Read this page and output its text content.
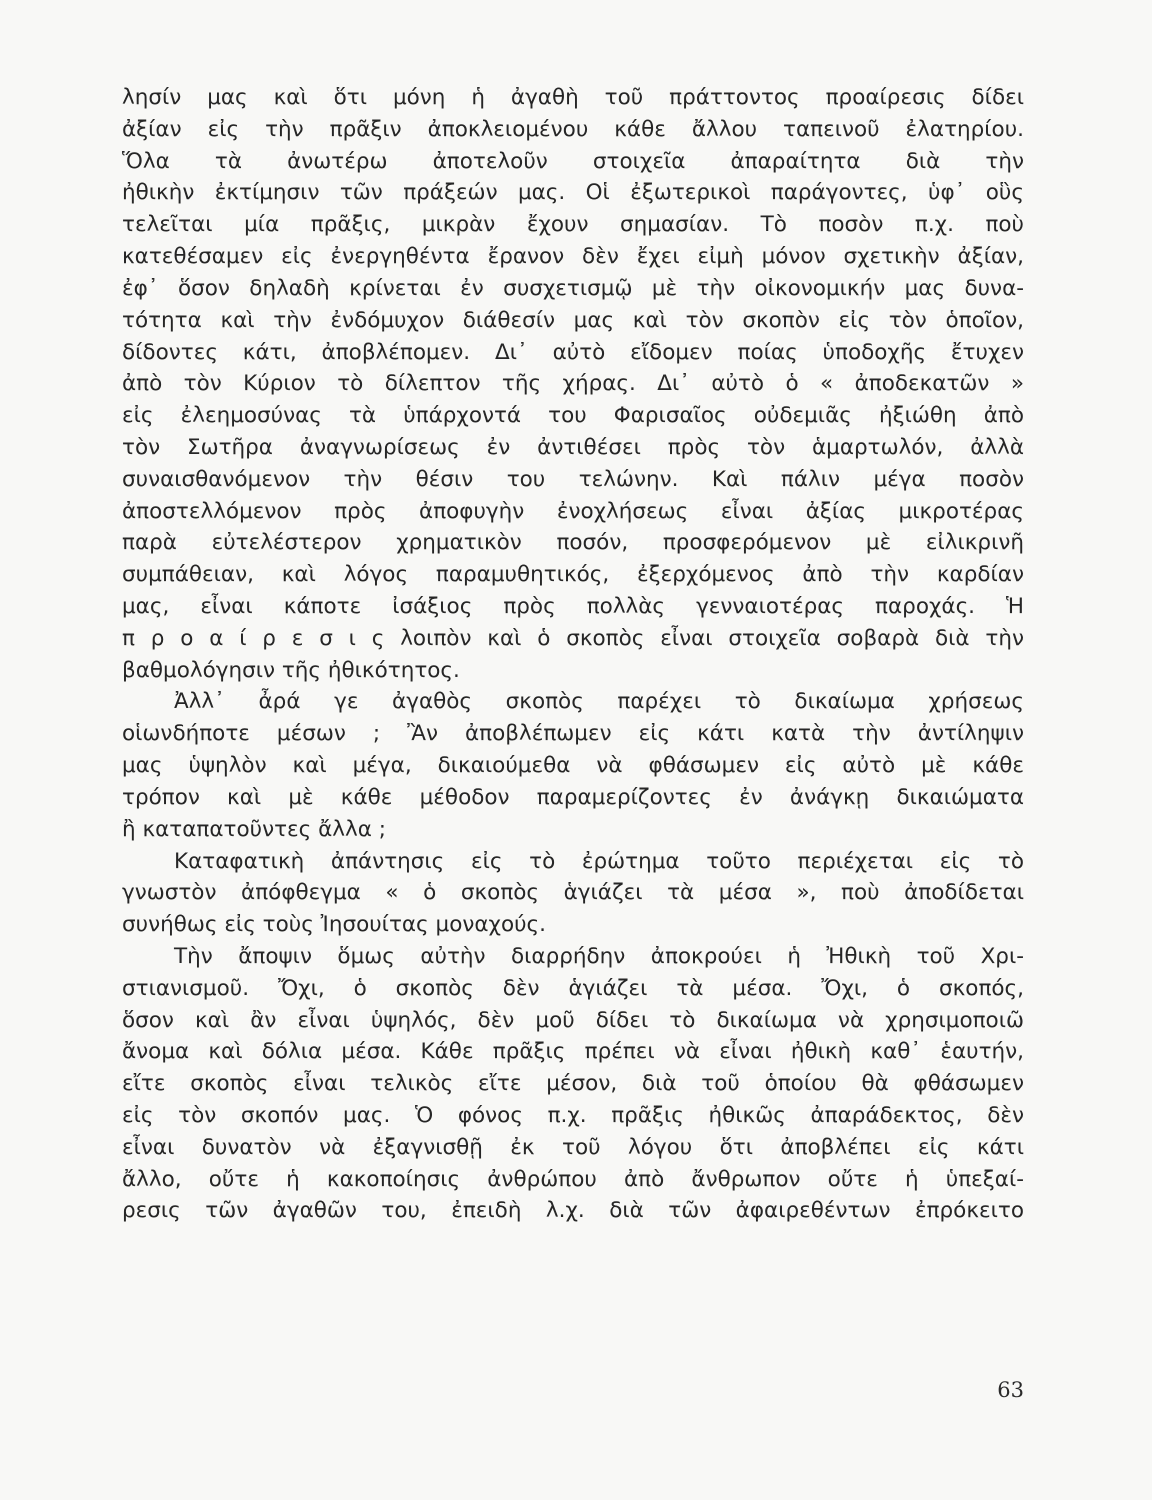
λησίν μας καὶ ὅτι μόνη ἡ ἀγαθὴ τοῦ πράττοντος προαίρεσις δίδει
ἀξίαν εἰς τὴν πρᾶξιν ἀποκλειομένου κάθε ἄλλου ταπεινοῦ ἐλατηρίου.
Ὅλα τὰ ἀνωτέρω ἀποτελοῦν στοιχεῖα ἀπαραίτητα διὰ τὴν
ἠθικὴν ἐκτίμησιν τῶν πράξεών μας. Οἱ ἐξωτερικοὶ παράγοντες, ὑφ᾽ οὓς
τελεῖται μία πρᾶξις, μικρὰν ἔχουν σημασίαν. Τὸ ποσὸν π.χ. ποὺ
κατεθέσαμεν εἰς ἐνεργηθέντα ἔρανον δὲν ἔχει εἰμὴ μόνον σχετικὴν ἀξίαν,
ἐφ᾽ ὅσον δηλαδὴ κρίνεται ἐν συσχετισμῷ μὲ τὴν οἰκονομικήν μας δυνα-
τότητα καὶ τὴν ἐνδόμυχον διάθεσίν μας καὶ τὸν σκοπὸν εἰς τὸν ὁποῖον,
δίδοντες κάτι, ἀποβλέπομεν. Δι᾽ αὐτὸ εἴδομεν ποίας ὑποδοχῆς ἔτυχεν
ἀπὸ τὸν Κύριον τὸ δίλεπτον τῆς χήρας. Δι᾽ αὐτὸ ὁ « ἀποδεκατῶν »
εἰς ἐλεημοσύνας τὰ ὑπάρχοντά του Φαρισαῖος οὐδεμιᾶς ἠξιώθη ἀπὸ
τὸν Σωτῆρα ἀναγνωρίσεως ἐν ἀντιθέσει πρὸς τὸν ἁμαρτωλόν, ἀλλὰ
συναισθανόμενον τὴν θέσιν του τελώνην. Καὶ πάλιν μέγα ποσὸν
ἀποστελλόμενον πρὸς ἀποφυγὴν ἐνοχλήσεως εἶναι ἀξίας μικροτέρας
παρὰ εὐτελέστερον χρηματικὸν ποσόν, προσφερόμενον μὲ εἰλικρινῆ
συμπάθειαν, καὶ λόγος παραμυθητικός, ἐξερχόμενος ἀπὸ τὴν καρδίαν
μας, εἶναι κάποτε ἰσάξιος πρὸς πολλὰς γενναιοτέρας παροχάς. Ἡ
π ρ ο α ί ρ ε σ ι ς λοιπὸν καὶ ὁ σκοπὸς εἶναι στοιχεῖα σοβαρὰ διὰ τὴν
βαθμολόγησιν τῆς ἠθικότητος.
Ἀλλ᾽ ἆρά γε ἀγαθὸς σκοπὸς παρέχει τὸ δικαίωμα χρήσεως
οἱωνδήποτε μέσων ; Ἂν ἀποβλέπωμεν εἰς κάτι κατὰ τὴν ἀντίληψιν
μας ὑψηλὸν καὶ μέγα, δικαιούμεθα νὰ φθάσωμεν εἰς αὐτὸ μὲ κάθε
τρόπον καὶ μὲ κάθε μέθοδον παραμερίζοντες ἐν ἀνάγκῃ δικαιώματα
ἢ καταπατοῦντες ἄλλα ;
Καταφατικὴ ἀπάντησις εἰς τὸ ἐρώτημα τοῦτο περιέχεται εἰς τὸ
γνωστὸν ἀπόφθεγμα « ὁ σκοπὸς ἁγιάζει τὰ μέσα », ποὺ ἀποδίδεται
συνήθως εἰς τοὺς Ἰησουίτας μοναχούς.
Τὴν ἄποψιν ὅμως αὐτὴν διαρρήδην ἀποκρούει ἡ Ἠθικὴ τοῦ Χρι-
στιανισμοῦ. Ὄχι, ὁ σκοπὸς δὲν ἁγιάζει τὰ μέσα. Ὄχι, ὁ σκοπός,
ὅσον καὶ ἂν εἶναι ὑψηλός, δὲν μοῦ δίδει τὸ δικαίωμα νὰ χρησιμοποιῶ
ἄνομα καὶ δόλια μέσα. Κάθε πρᾶξις πρέπει νὰ εἶναι ἠθικὴ καθ᾽ ἑαυτήν,
εἴτε σκοπὸς εἶναι τελικὸς εἴτε μέσον, διὰ τοῦ ὁποίου θὰ φθάσωμεν
εἰς τὸν σκοπόν μας. Ὁ φόνος π.χ. πρᾶξις ἠθικῶς ἀπαράδεκτος, δὲν
εἶναι δυνατὸν νὰ ἐξαγνισθῇ ἐκ τοῦ λόγου ὅτι ἀποβλέπει εἰς κάτι
ἄλλο, οὔτε ἡ κακοποίησις ἀνθρώπου ἀπὸ ἄνθρωπον οὔτε ἡ ὑπεξαί-
ρεσις τῶν ἀγαθῶν του, ἐπειδὴ λ.χ. διὰ τῶν ἀφαιρεθέντων ἐπρόκειτο
63
